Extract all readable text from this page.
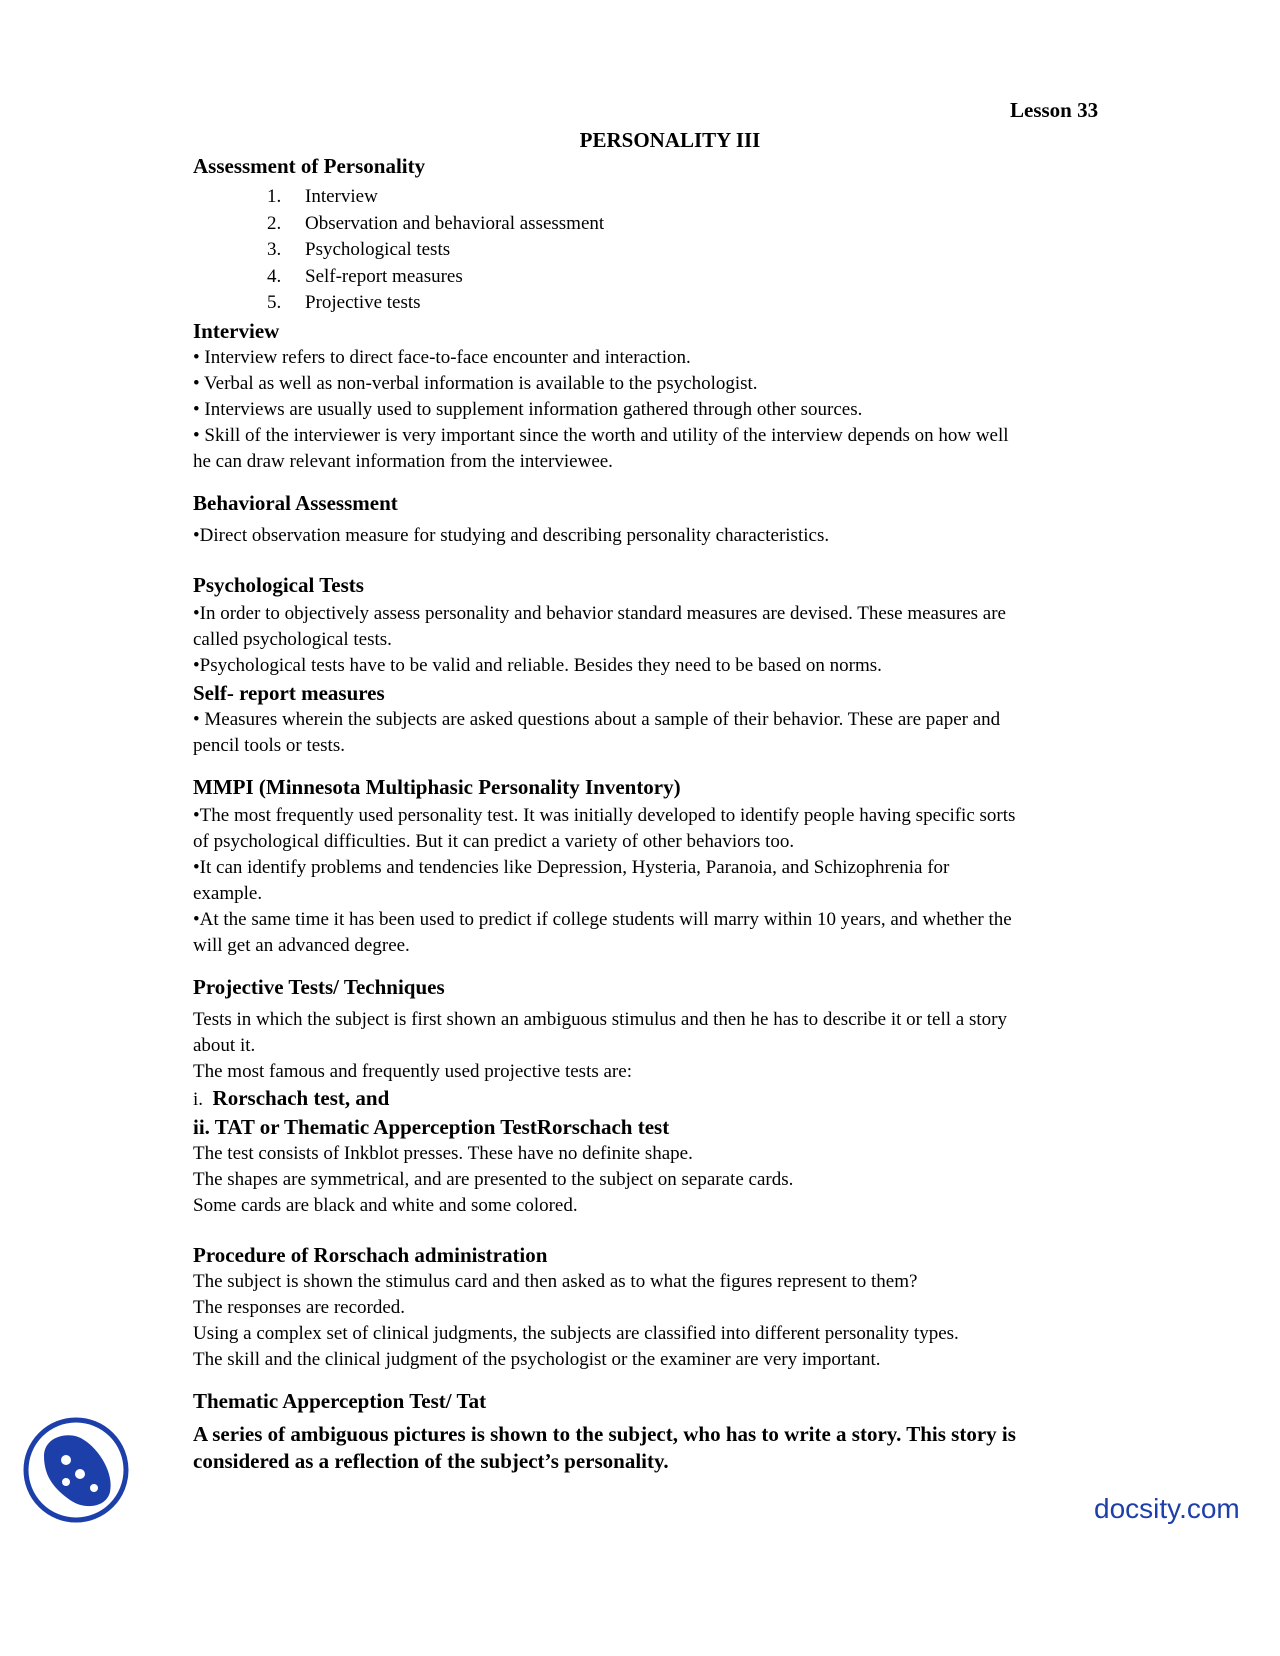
Lesson 33
PERSONALITY III
Assessment of Personality
1.	Interview
2.	Observation and behavioral assessment
3.	Psychological tests
4.	Self-report measures
5.	Projective tests
Interview

• Interview refers to direct face-to-face encounter and interaction.

• Verbal as well as non-verbal information is available to the psychologist.

• Interviews are usually used to supplement information gathered through other sources.

• Skill of the interviewer is very important since the worth and utility of the interview depends on how well

he can draw relevant information from the interviewee.

Behavioral Assessment

•Direct observation measure for studying and describing personality characteristics.

Psychological Tests

•In order to objectively assess personality and behavior standard measures are devised. These measures are

called psychological tests.

•Psychological tests have to be valid and reliable. Besides they need to be based on norms.

Self- report measures

• Measures wherein the subjects are asked questions about a sample of their behavior. These are paper and

pencil tools or tests.

MMPI (Minnesota Multiphasic Personality Inventory)

•The most frequently used personality test. It was initially developed to identify people having specific sorts

of psychological difficulties. But it can predict a variety of other behaviors too.

•It can identify problems and tendencies like Depression, Hysteria, Paranoia, and Schizophrenia for

example.

•At the same time it has been used to predict if college students will marry within 10 years, and whether the

will get an advanced degree.

Projective Tests/ Techniques

Tests in which the subject is first shown an ambiguous stimulus and then he has to describe it or tell a story

about it.

The most famous and frequently used projective tests are:

i. Rorschach test, and
ii. TAT or Thematic Apperception TestRorschach test

The test consists of Inkblot presses. These have no definite shape.

The shapes are symmetrical, and are presented to the subject on separate cards.

Some cards are black and white and some colored.

Procedure of Rorschach administration

The subject is shown the stimulus card and then asked as to what the figures represent to them?

The responses are recorded.

Using a complex set of clinical judgments, the subjects are classified into different personality types.

The skill and the clinical judgment of the psychologist or the examiner are very important.

Thematic Apperception Test/ Tat

A series of ambiguous pictures is shown to the subject, who has to write a story. This story is

considered as a reflection of the subject’s personality.

docsity.com
